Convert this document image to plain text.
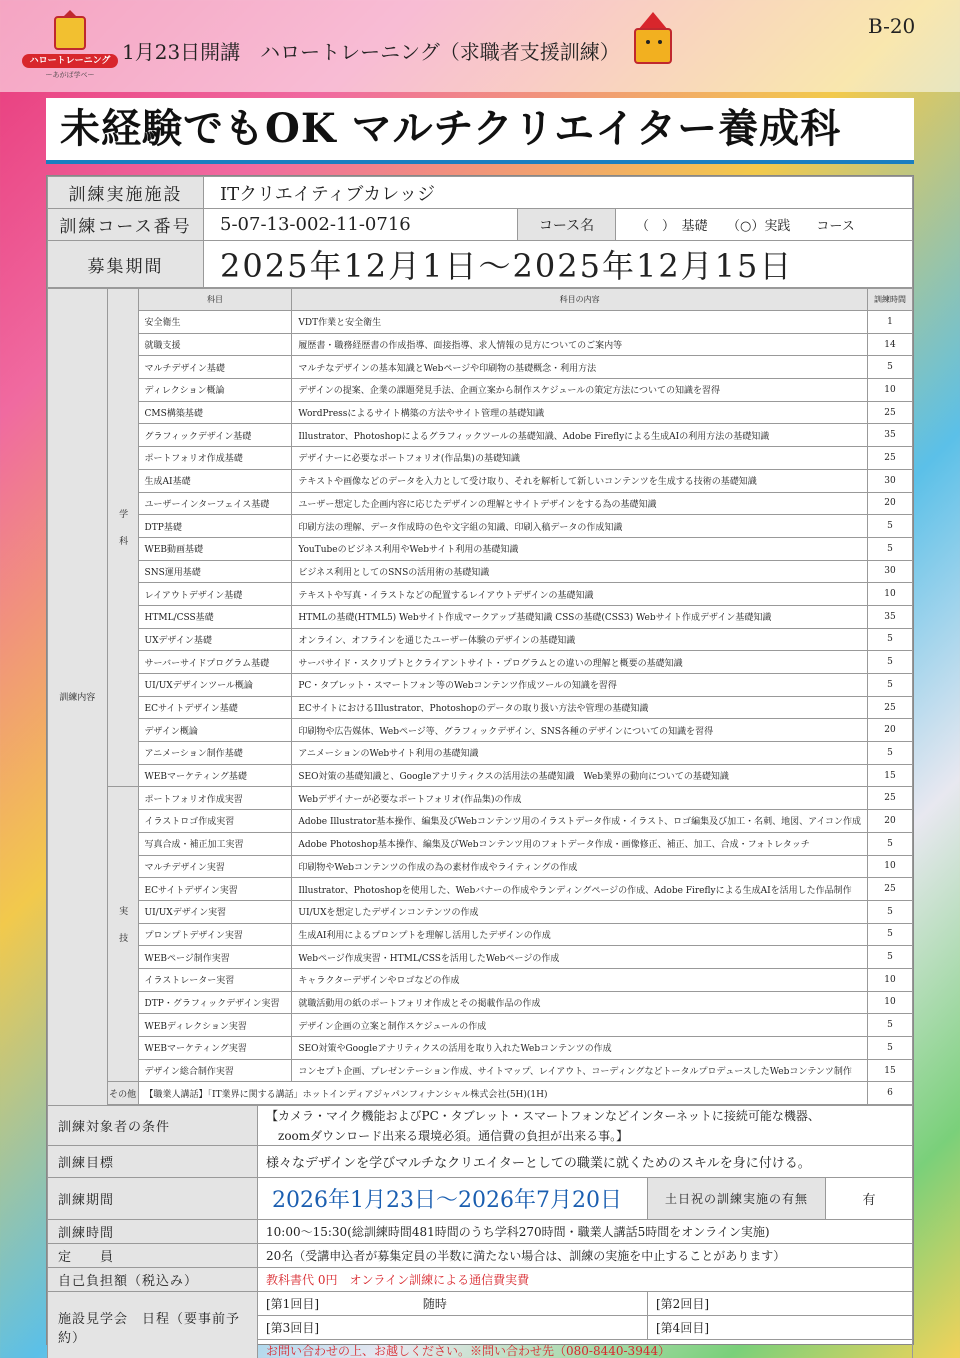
ハロートレーニング
ーあがば学べー
1月23日開講　ハロートレーニング（求職者支援訓練）
B-20
未経験でもOK マルチクリエイター養成科
訓練実施施設	ITクリエイティブカレッジ		
訓練コース番号	5-07-13-002-11-0716	コース名	（　）　基礎　　（○）実践　　コース
募集期間	2025年12月1日～2025年12月15日		
訓練内容	学科	科目	科目の内容	訓練時間
		安全衛生	VDT作業と安全衛生	1
		就職支援	履歴書・職務経歴書の作成指導、面接指導、求人情報の見方についてのご案内等	14
		マルチデザイン基礎	マルチなデザインの基本知識とWebページや印刷物の基礎概念・利用方法	5
		ディレクション概論	デザインの提案、企業の課題発見手法、企画立案から制作スケジュールの策定方法についての知識を習得	10
		CMS構築基礎	WordPressによるサイト構築の方法やサイト管理の基礎知識	25
		グラフィックデザイン基礎	Illustrator、Photoshopによるグラフィックツールの基礎知識、Adobe Fireflyによる生成AIの利用方法の基礎知識	35
		ポートフォリオ作成基礎	デザイナーに必要なポートフォリオ(作品集)の基礎知識	25
		生成AI基礎	テキストや画像などのデータを入力として受け取り、それを解析して新しいコンテンツを生成する技術の基礎知識	30
		ユーザーインターフェイス基礎	ユーザー想定した企画内容に応じたデザインの理解とサイトデザインをする為の基礎知識	20
		DTP基礎	印刷方法の理解、データ作成時の色や文字組の知識、印刷入稿データの作成知識	5
		WEB動画基礎	YouTubeのビジネス利用やWebサイト利用の基礎知識	5
		SNS運用基礎	ビジネス利用としてのSNSの活用術の基礎知識	30
		レイアウトデザイン基礎	テキストや写真・イラストなどの配置するレイアウトデザインの基礎知識	10
		HTML/CSS基礎	HTMLの基礎(HTML5) Webサイト作成マークアップ基礎知識 CSSの基礎(CSS3) Webサイト作成デザイン基礎知識	35
		UXデザイン基礎	オンライン、オフラインを通じたユーザー体験のデザインの基礎知識	5
		サーバーサイドプログラム基礎	サーバサイド・スクリプトとクライアントサイト・プログラムとの違いの理解と概要の基礎知識	5
		UI/UXデザインツール概論	PC・タブレット・スマートフォン等のWebコンテンツ作成ツールの知識を習得	5
		ECサイトデザイン基礎	ECサイトにおけるIllustrator、Photoshopのデータの取り扱い方法や管理の基礎知識	25
		デザイン概論	印刷物や広告媒体、Webページ等、グラフィックデザイン、SNS各種のデザインについての知識を習得	20
		アニメーション制作基礎	アニメーションのWebサイト利用の基礎知識	5
		WEBマーケティング基礎	SEO対策の基礎知識と、Googleアナリティクスの活用法の基礎知識　Web業界の動向についての基礎知識	15
	実技	ポートフォリオ作成実習	Webデザイナーが必要なポートフォリオ(作品集)の作成	25
		イラストロゴ作成実習	Adobe Illustrator基本操作、編集及びWebコンテンツ用のイラストデータ作成・イラスト、ロゴ編集及び加工・名刺、地図、アイコン作成	20
		写真合成・補正加工実習	Adobe Photoshop基本操作、編集及びWebコンテンツ用のフォトデータ作成・画像修正、補正、加工、合成・フォトレタッチ	5
		マルチデザイン実習	印刷物やWebコンテンツの作成の為の素材作成やライティングの作成	10
		ECサイトデザイン実習	Illustrator、Photoshopを使用した、Webバナーの作成やランディングページの作成、Adobe Fireflyによる生成AIを活用した作品制作	25
		UI/UXデザイン実習	UI/UXを想定したデザインコンテンツの作成	5
		プロンプトデザイン実習	生成AI利用によるプロンプトを理解し活用したデザインの作成	5
		WEBページ制作実習	Webページ作成実習・HTML/CSSを活用したWebページの作成	5
		イラストレーター実習	キャラクターデザインやロゴなどの作成	10
		DTP・グラフィックデザイン実習	就職活動用の紙のポートフォリオ作成とその掲載作品の作成	10
		WEBディレクション実習	デザイン企画の立案と制作スケジュールの作成	5
		WEBマーケティング実習	SEO対策やGoogleアナリティクスの活用を取り入れたWebコンテンツの作成	5
		デザイン総合制作実習	コンセプト企画、プレゼンテーション作成、サイトマップ、レイアウト、コーディングなどトータルプロデュースしたWebコンテンツ制作	15
	その他	【職業人講話】「IT業界に関する講話」ホットインディアジャパンフィナンシャル株式会社(5H)(1H)		6
訓練対象者の条件	【カメラ・マイク機能およびPC・タブレット・スマートフォンなどインターネットに接続可能な機器、		
	zoomダウンロード出来る環境必須。通信費の負担が出来る事。】		
訓練目標	様々なデザインを学びマルチなクリエイターとしての職業に就くためのスキルを身に付ける。		
訓練期間	2026年1月23日～2026年7月20日	土日祝の訓練実施の有無	有
訓練時間	10:00～15:30(総訓練時間481時間のうち学科270時間・職業人講話5時間をオンライン実施)		
定　　員	20名（受講申込者が募集定員の半数に満たない場合は、訓練の実施を中止することがあります）		
自己負担額（税込み）	教科書代 0円　オンライン訓練による通信費実費		
施設見学会　日程（要事前予約）	[第1回目] 随時	[第2回目]	
	[第3回目]	[第4回目]	
	お問い合わせの上、お越しください。※問い合わせ先（080-8440-3944）		
